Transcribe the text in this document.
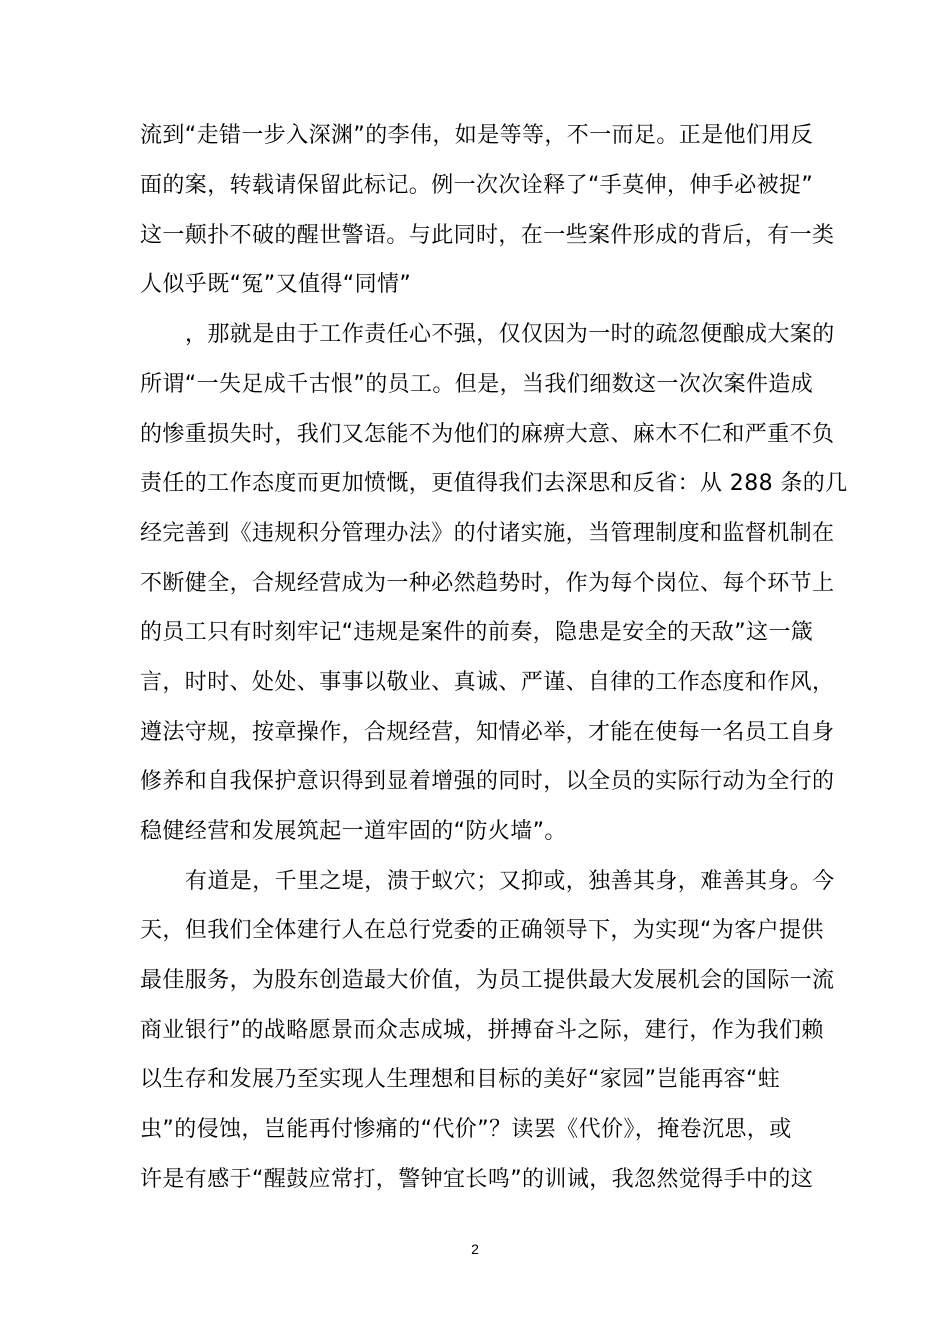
流到“走错一步入深渊”的李伟，如是等等，不一而足。正是他们用反
面的案，转载请保留此标记。例一次次诠释了“手莫伸，伸手必被捉”
这一颠扑不破的醒世警语。与此同时，在一些案件形成的背后，有一类
人似乎既“冤”又值得“同情”
，那就是由于工作责任心不强，仅仅因为一时的疏忽便酿成大案的
所谓“一失足成千古恨”的员工。但是，当我们细数这一次次案件造成
的惨重损失时，我们又怎能不为他们的麻痹大意、麻木不仁和严重不负
责任的工作态度而更加愤慨，更值得我们去深思和反省：从 288 条的几
经完善到《违规积分管理办法》的付诸实施，当管理制度和监督机制在
不断健全，合规经营成为一种必然趋势时，作为每个岗位、每个环节上
的员工只有时刻牢记“违规是案件的前奏，隐患是安全的天敌”这一箴
言，时时、处处、事事以敬业、真诚、严谨、自律的工作态度和作风，
遵法守规，按章操作，合规经营，知情必举，才能在使每一名员工自身
修养和自我保护意识得到显着增强的同时，以全员的实际行动为全行的
稳健经营和发展筑起一道牢固的“防火墙”。
有道是，千里之堤，溃于蚁穴；又抑或，独善其身，难善其身。今
天，但我们全体建行人在总行党委的正确领导下，为实现“为客户提供
最佳服务，为股东创造最大价值，为员工提供最大发展机会的国际一流
商业银行”的战略愿景而众志成城，拼搏奋斗之际，建行，作为我们赖
以生存和发展乃至实现人生理想和目标的美好“家园”岂能再容“蛀
虫”的侵蚀，岂能再付惨痛的“代价”？读罢《代价》，掩卷沉思，或
许是有感于“醒鼓应常打，警钟宜长鸣”的训诫，我忽然觉得手中的这
2
